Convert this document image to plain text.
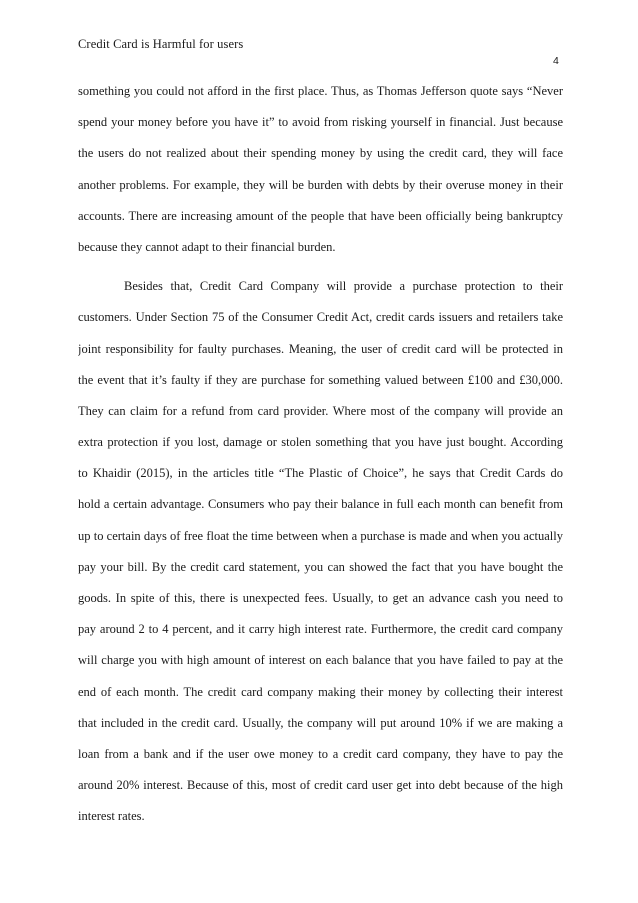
Credit Card is Harmful for users
4
something you could not afford in the first place. Thus, as Thomas Jefferson quote says “Never
spend your money before you have it” to avoid from risking yourself in financial. Just because
the users do not realized about their spending money by using the credit card, they will face
another problems. For example, they will be burden with debts by their overuse money in their
accounts. There are increasing amount of the people that have been officially being bankruptcy
because they cannot adapt to their financial burden.
Besides that, Credit Card Company will provide a purchase protection to their
customers. Under Section 75 of the Consumer Credit Act, credit cards issuers and retailers take
joint responsibility for faulty purchases. Meaning, the user of credit card will be protected in
the event that it’s faulty if they are purchase for something valued between £100 and £30,000.
They can claim for a refund from card provider. Where most of the company will provide an
extra protection if you lost, damage or stolen something that you have just bought. According
to Khaidir (2015), in the articles title “The Plastic of Choice”, he says that Credit Cards do
hold a certain advantage. Consumers who pay their balance in full each month can benefit from
up to certain days of free float the time between when a purchase is made and when you actually
pay your bill. By the credit card statement, you can showed the fact that you have bought the
goods. In spite of this, there is unexpected fees. Usually, to get an advance cash you need to
pay around 2 to 4 percent, and it carry high interest rate. Furthermore, the credit card company
will charge you with high amount of interest on each balance that you have failed to pay at the
end of each month. The credit card company making their money by collecting their interest
that included in the credit card. Usually, the company will put around 10% if we are making a
loan from a bank and if the user owe money to a credit card company, they have to pay the
around 20% interest. Because of this, most of credit card user get into debt because of the high
interest rates.
